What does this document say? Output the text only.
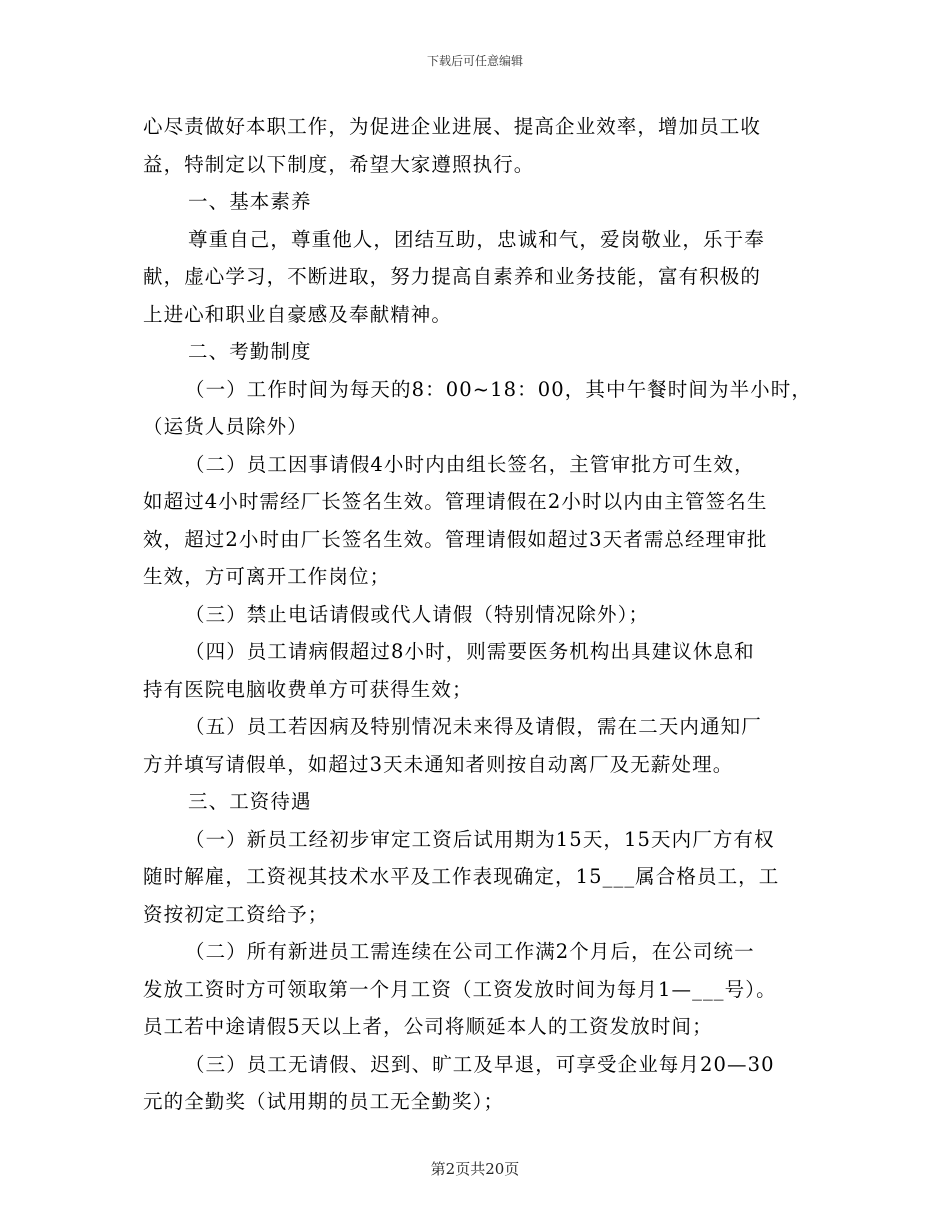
下载后可任意编辑
心尽责做好本职工作，为促进企业进展、提高企业效率，增加员工收
益，特制定以下制度，希望大家遵照执行。
一、基本素养
尊重自己，尊重他人，团结互助，忠诚和气，爱岗敬业，乐于奉
献，虚心学习，不断进取，努力提高自素养和业务技能，富有积极的
上进心和职业自豪感及奉献精神。
二、考勤制度
（一）工作时间为每天的8：00~18：00，其中午餐时间为半小时，
（运货人员除外）
（二）员工因事请假4小时内由组长签名，主管审批方可生效，
如超过4小时需经厂长签名生效。管理请假在2小时以内由主管签名生
效，超过2小时由厂长签名生效。管理请假如超过3天者需总经理审批
生效，方可离开工作岗位；
（三）禁止电话请假或代人请假（特别情况除外）；
（四）员工请病假超过8小时，则需要医务机构出具建议休息和
持有医院电脑收费单方可获得生效；
（五）员工若因病及特别情况未来得及请假，需在二天内通知厂
方并填写请假单，如超过3天未通知者则按自动离厂及无薪处理。
三、工资待遇
（一）新员工经初步审定工资后试用期为15天，15天内厂方有权
随时解雇，工资视其技术水平及工作表现确定，15___属合格员工，工
资按初定工资给予；
（二）所有新进员工需连续在公司工作满2个月后，在公司统一
发放工资时方可领取第一个月工资（工资发放时间为每月1—___号）。
员工若中途请假5天以上者，公司将顺延本人的工资发放时间；
（三）员工无请假、迟到、旷工及早退，可享受企业每月20—30
元的全勤奖（试用期的员工无全勤奖）；
第2页共20页
